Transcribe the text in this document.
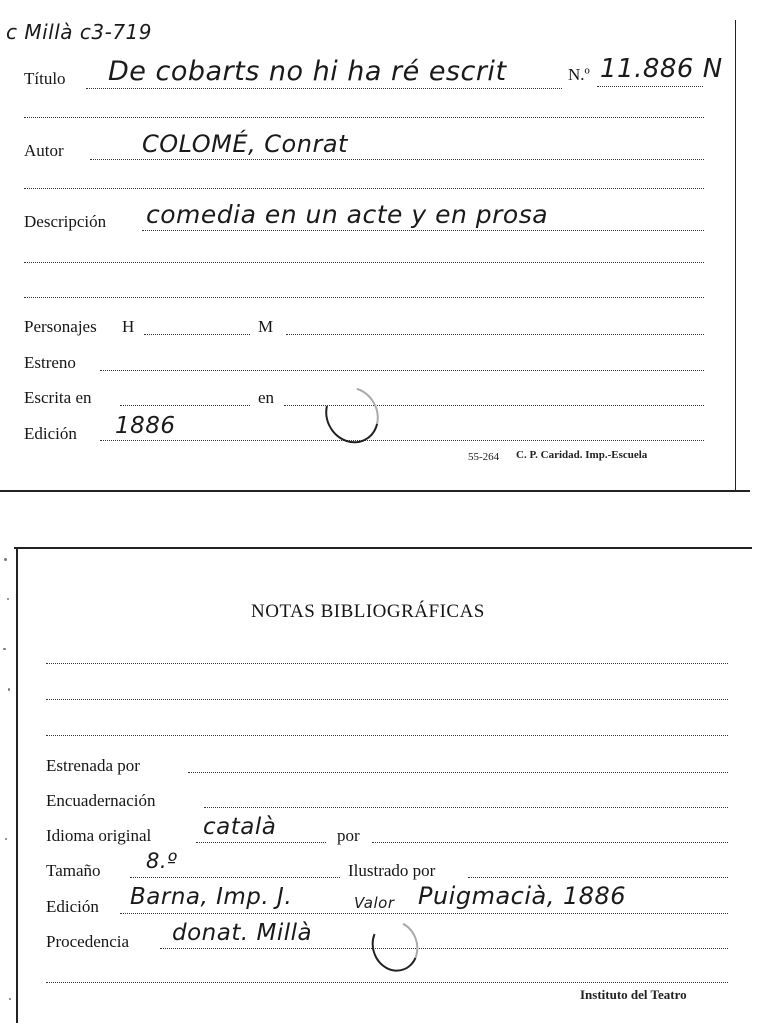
c Millà c3-719
Título De cobarts no hi ha ré escrit	N.º 11.886 N
Autor	COLOMÉ, Conrat
Descripción comedia en un acte y en prosa
Personajes H	M
Estreno
Escrita en	en
Edición 1886
55-264 C. P. Caridad. Imp.-Escuela
NOTAS BIBLIOGRÁFICAS
Estrenada por
Encuadernación
Idioma original català	por
Tamaño 8.º	Ilustrado por
Edición Barna, Imp. J.	Valor Puigmacià, 1886
Procedencia donat. Millà
Instituto del Teatro
